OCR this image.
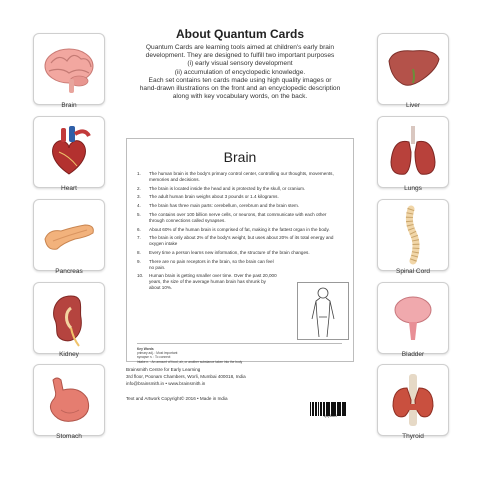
Brain
Heart
Pancreas
Kidney
Stomach
Liver
Lungs
Spinal Cord
Bladder
Thyroid
About Quantum Cards
Quantum Cards are learning tools aimed at children's early brain
development. They are designed to fulfill two important purposes
(i) early visual sensory development
(ii) accumulation of encyclopedic knowledge.
Each set contains ten cards made using high quality images or
hand-drawn illustrations on the front and an encyclopedic description
along with key vocabulary words, on the back.
Brain
1.	The human brain is the body's primary control center, controlling our thoughts, movements, memories and decisions.
2.	The brain is located inside the head and is protected by the skull, or cranium.
3.	The adult human brain weighs about 3 pounds or 1.4 kilograms.
4.	The brain has three main parts: cerebellum, cerebrum and the brain stem.
5.	The contains over 100 billion nerve cells, or neurons, that communicate with each other through connections called synapses.
6.	About 60% of the human brain is comprised of fat, making it the fattest organ in the body.
7.	The brain is only about 2% of the body's weight, but uses about 20% of its total energy and oxygen intake
8.	Every time a person learns new information, the structure of the brain changes.
9.	There are no pain receptors in the brain, so the brain can feel no pain.
10.	Human brain is getting smaller over time. Over the past 20,000 years, the size of the average human brain has shrunk by about 10%.
Key Words
primary adj. : Most important
synapse n. : To connect
intake n. : An amount of food, air, or another substance taken into the body
Brainsmith Centre for Early Learning
3rd floor, Poonam Chambers, Worli, Mumbai 400018, India
info@brainsmith.in • www.brainsmith.in
Text and Artwork Copyright© 2016 • Made in India
1(8)5684
